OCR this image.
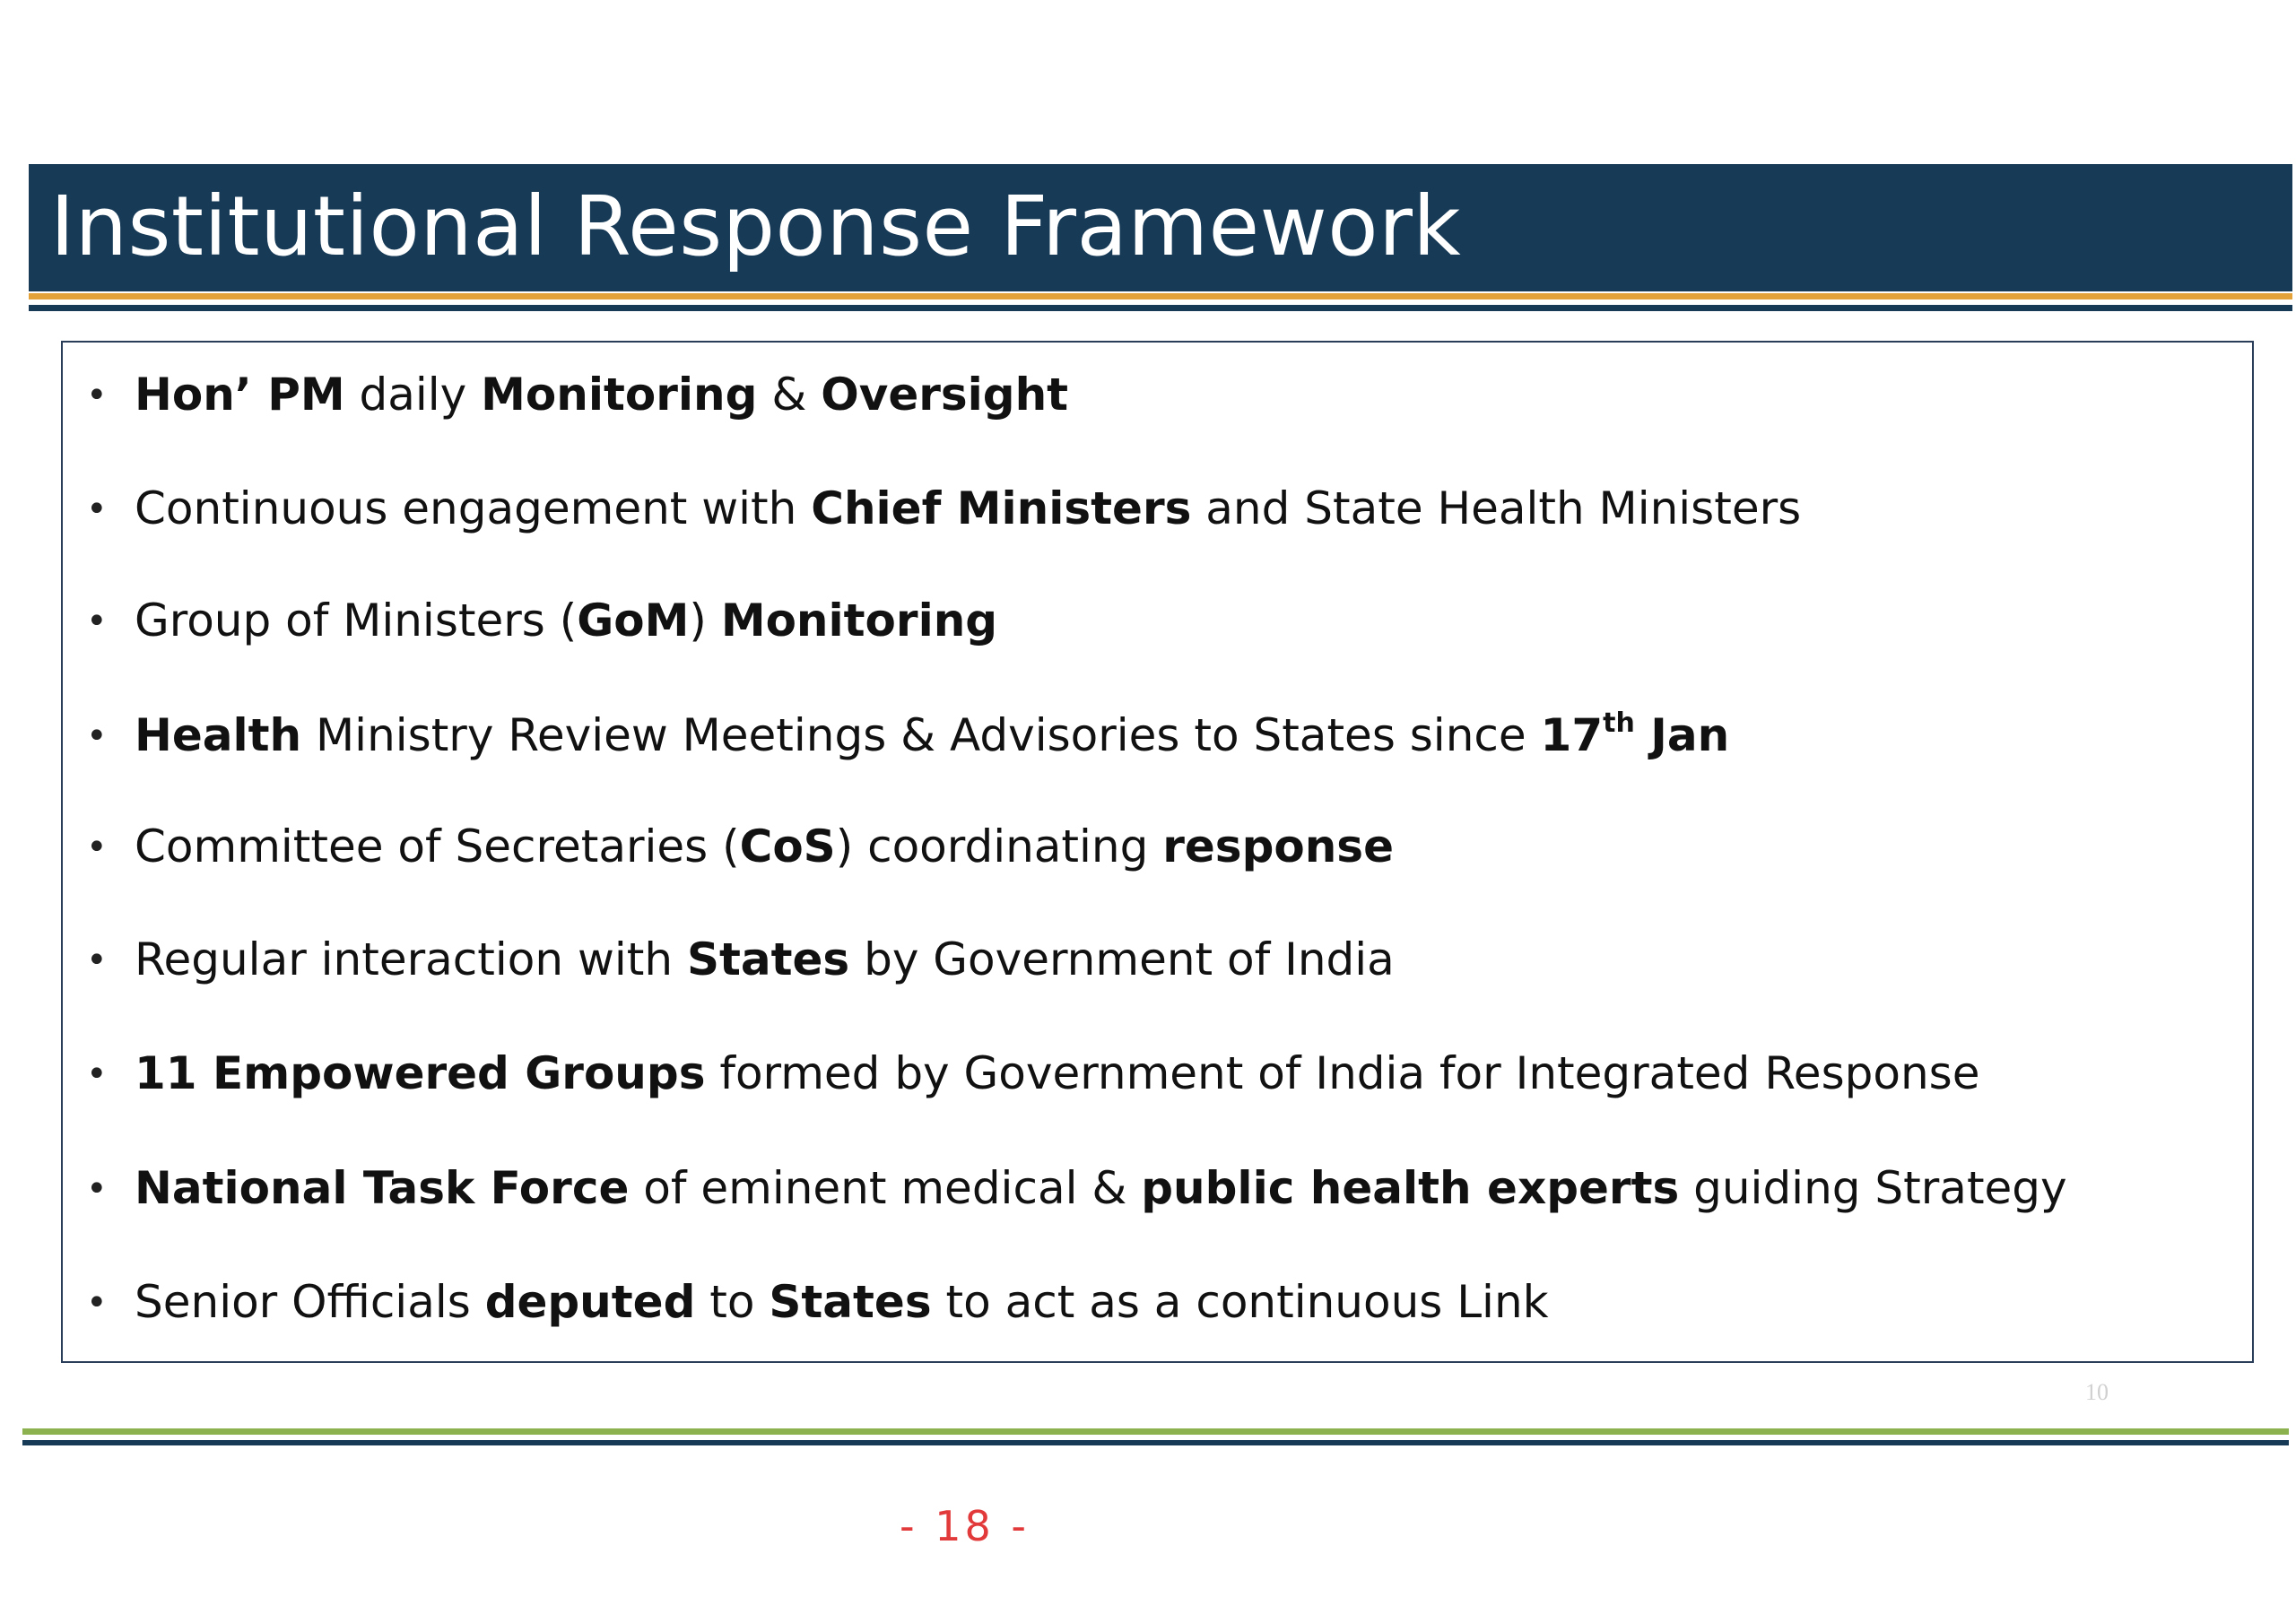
Institutional Response Framework
• Hon’ PM daily Monitoring & Oversight
• Continuous engagement with Chief Ministers and State Health Ministers
• Group of Ministers (GoM) Monitoring
• Health Ministry Review Meetings & Advisories to States since 17th Jan
• Committee of Secretaries (CoS) coordinating response
• Regular interaction with States by Government of India
• 11 Empowered Groups formed by Government of India for Integrated Response
• National Task Force of eminent medical & public health experts guiding Strategy
• Senior Officials deputed to States to act as a continuous Link
10
- 18 -
